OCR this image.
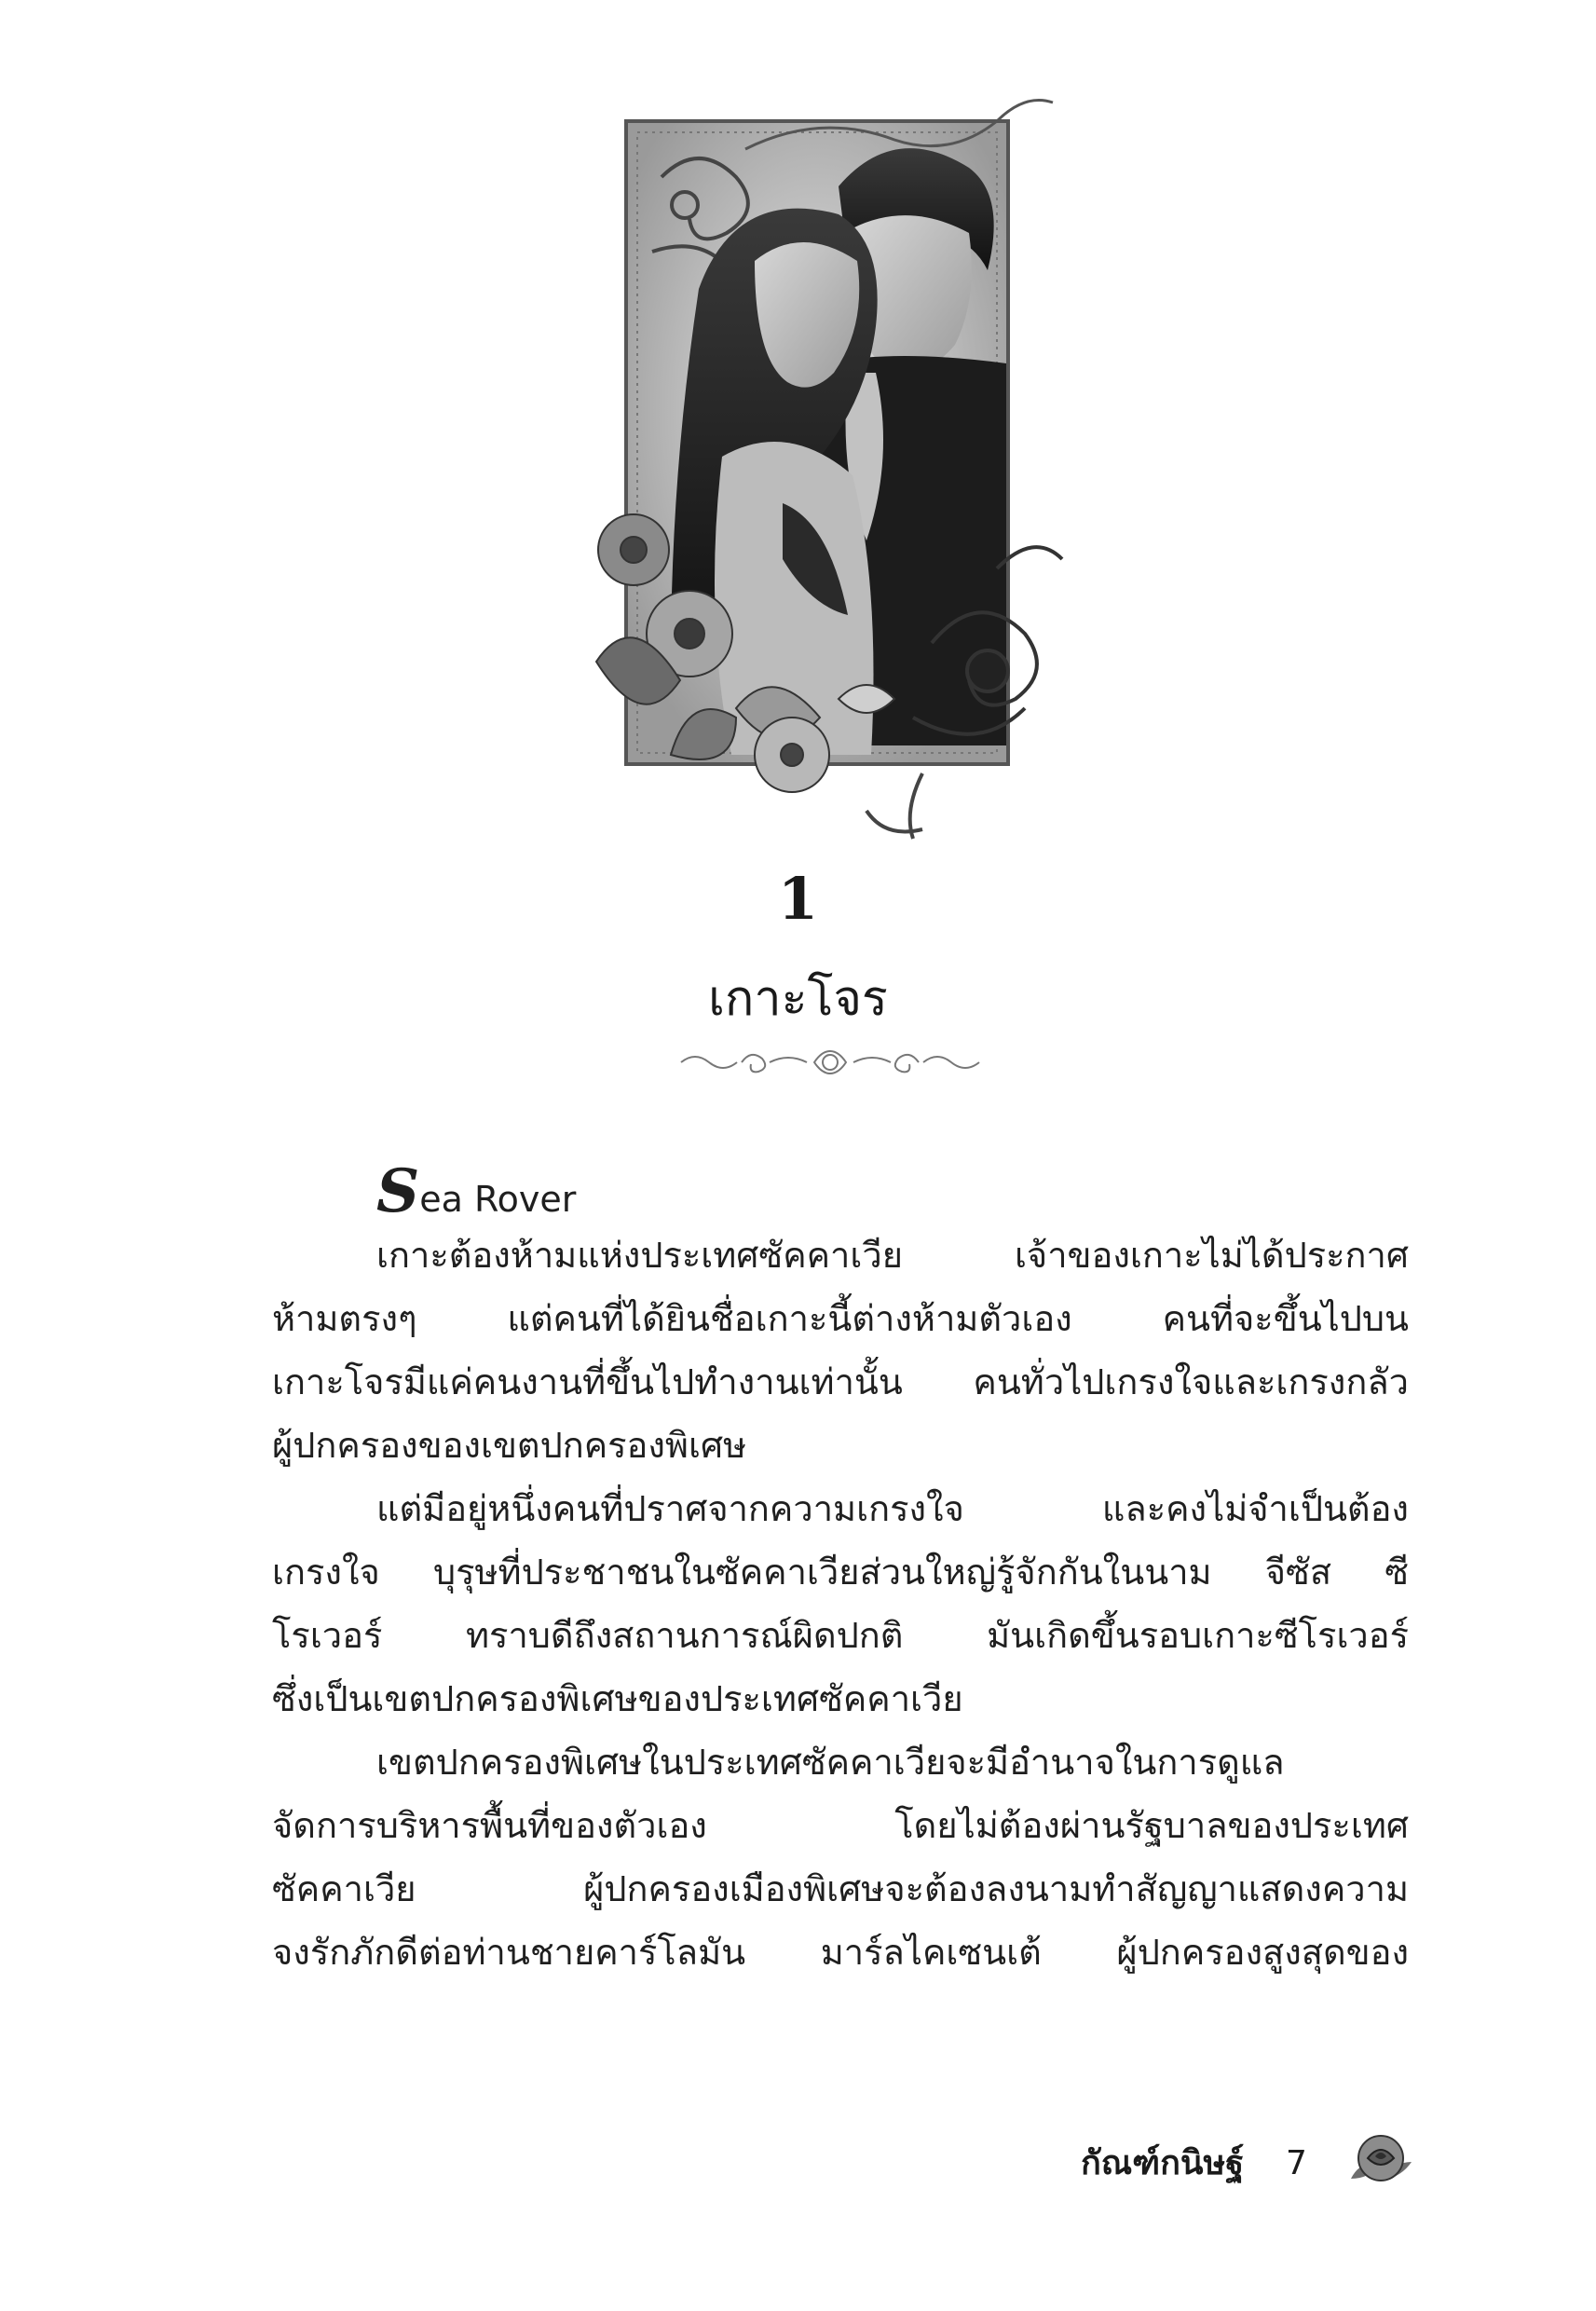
1
เกาะโจร
Sea Rover
เกาะต้องห้ามแห่งประเทศซัคคาเวีย เจ้าของเกาะไม่ได้ประกาศ
ห้ามตรงๆ แต่คนที่ได้ยินชื่อเกาะนี้ต่างห้ามตัวเอง คนที่จะขึ้นไปบน
เกาะโจรมีแค่คนงานที่ขึ้นไปทำงานเท่านั้น คนทั่วไปเกรงใจและเกรงกลัว
ผู้ปกครองของเขตปกครองพิเศษ
แต่มีอยู่หนึ่งคนที่ปราศจากความเกรงใจ และคงไม่จำเป็นต้อง
เกรงใจ บุรุษที่ประชาชนในซัคคาเวียส่วนใหญ่รู้จักกันในนาม จีซัส ซี
โรเวอร์ ทราบดีถึงสถานการณ์ผิดปกติ มันเกิดขึ้นรอบเกาะซีโรเวอร์
ซึ่งเป็นเขตปกครองพิเศษของประเทศซัคคาเวีย
เขตปกครองพิเศษในประเทศซัคคาเวียจะมีอำนาจในการดูแล
จัดการบริหารพื้นที่ของตัวเอง โดยไม่ต้องผ่านรัฐบาลของประเทศ
ซัคคาเวีย ผู้ปกครองเมืองพิเศษจะต้องลงนามทำสัญญาแสดงความ
จงรักภักดีต่อท่านชายคาร์โลมัน มาร์ลไคเซนเต้ ผู้ปกครองสูงสุดของ
กัณฑ์กนิษฐ์ 7
